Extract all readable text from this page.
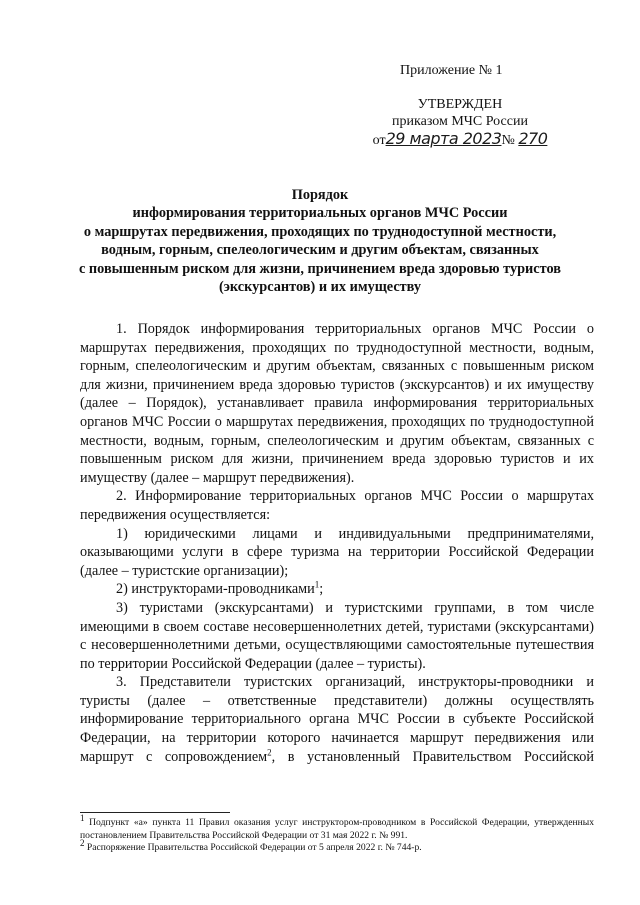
Приложение № 1
УТВЕРЖДЕН
приказом МЧС России
от29 марта 2023№ 270
Порядок
информирования территориальных органов МЧС России
о маршрутах передвижения, проходящих по труднодоступной местности,
водным, горным, спелеологическим и другим объектам, связанных
с повышенным риском для жизни, причинением вреда здоровью туристов
(экскурсантов) и их имуществу
1. Порядок информирования территориальных органов МЧС России о маршрутах передвижения, проходящих по труднодоступной местности, водным, горным, спелеологическим и другим объектам, связанных с повышенным риском для жизни, причинением вреда здоровью туристов (экскурсантов) и их имуществу (далее – Порядок), устанавливает правила информирования территориальных органов МЧС России о маршрутах передвижения, проходящих по труднодоступной местности, водным, горным, спелеологическим и другим объектам, связанных с повышенным риском для жизни, причинением вреда здоровью туристов и их имуществу (далее – маршрут передвижения).
2. Информирование территориальных органов МЧС России о маршрутах передвижения осуществляется:
1) юридическими лицами и индивидуальными предпринимателями, оказывающими услуги в сфере туризма на территории Российской Федерации (далее – туристские организации);
2) инструкторами-проводниками$^1$;
3) туристами (экскурсантами) и туристскими группами, в том числе имеющими в своем составе несовершеннолетних детей, туристами (экскурсантами) с несовершеннолетними детьми, осуществляющими самостоятельные путешествия по территории Российской Федерации (далее – туристы).
3. Представители туристских организаций, инструкторы-проводники и туристы (далее – ответственные представители) должны осуществлять информирование территориального органа МЧС России в субъекте Российской Федерации, на территории которого начинается маршрут передвижения или маршрут с сопровождением$^2$, в установленный Правительством Российской
$^1$ Подпункт «а» пункта 11 Правил оказания услуг инструктором-проводником в Российской Федерации, утвержденных постановлением Правительства Российской Федерации от 31 мая 2022 г. № 991.
$^2$ Распоряжение Правительства Российской Федерации от 5 апреля 2022 г. № 744-р.
